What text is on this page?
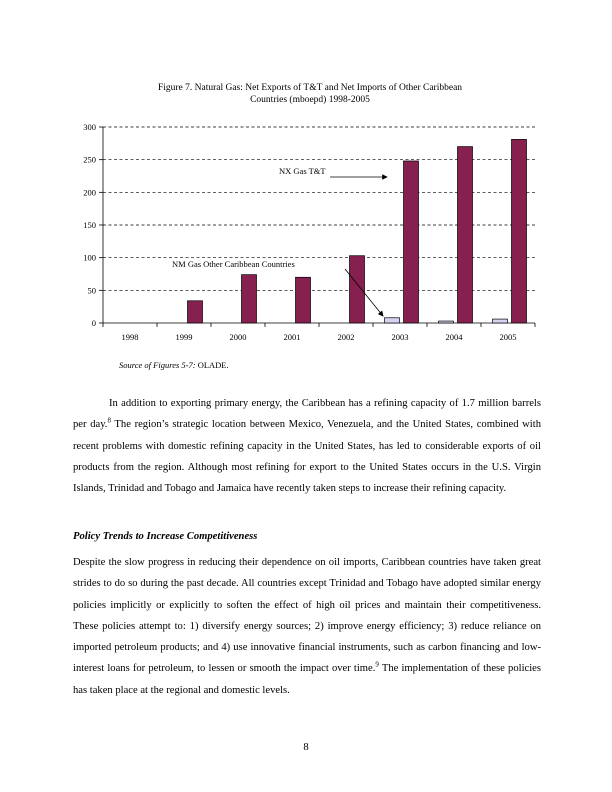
Figure 7. Natural Gas: Net Exports of T&T and Net Imports of Other Caribbean
Countries (mboepd) 1998-2005
0
50
100
150
200
250
300
1998	1999	2000	2001	2002	2003	2004	2005
NX Gas T&T
NM Gas Other Caribbean Countries
Source of Figures 5-7: OLADE.

In addition to exporting primary energy, the Caribbean has a refining capacity of 1.7 million barrels per day.$^8$ The region’s strategic location between Mexico, Venezuela, and the United States, combined with recent problems with domestic refining capacity in the United States, has led to considerable exports of oil products from the region. Although most refining for export to the United States occurs in the U.S. Virgin Islands, Trinidad and Tobago and Jamaica have recently taken steps to increase their refining capacity.

Policy Trends to Increase Competitiveness

Despite the slow progress in reducing their dependence on oil imports, Caribbean countries have taken great strides to do so during the past decade. All countries except Trinidad and Tobago have adopted similar energy policies implicitly or explicitly to soften the effect of high oil prices and maintain their competitiveness. These policies attempt to: 1) diversify energy sources; 2) improve energy efficiency; 3) reduce reliance on imported petroleum products; and 4) use innovative financial instruments, such as carbon financing and low-interest loans for petroleum, to lessen or smooth the impact over time.$^9$ The implementation of these policies has taken place at the regional and domestic levels.

8
